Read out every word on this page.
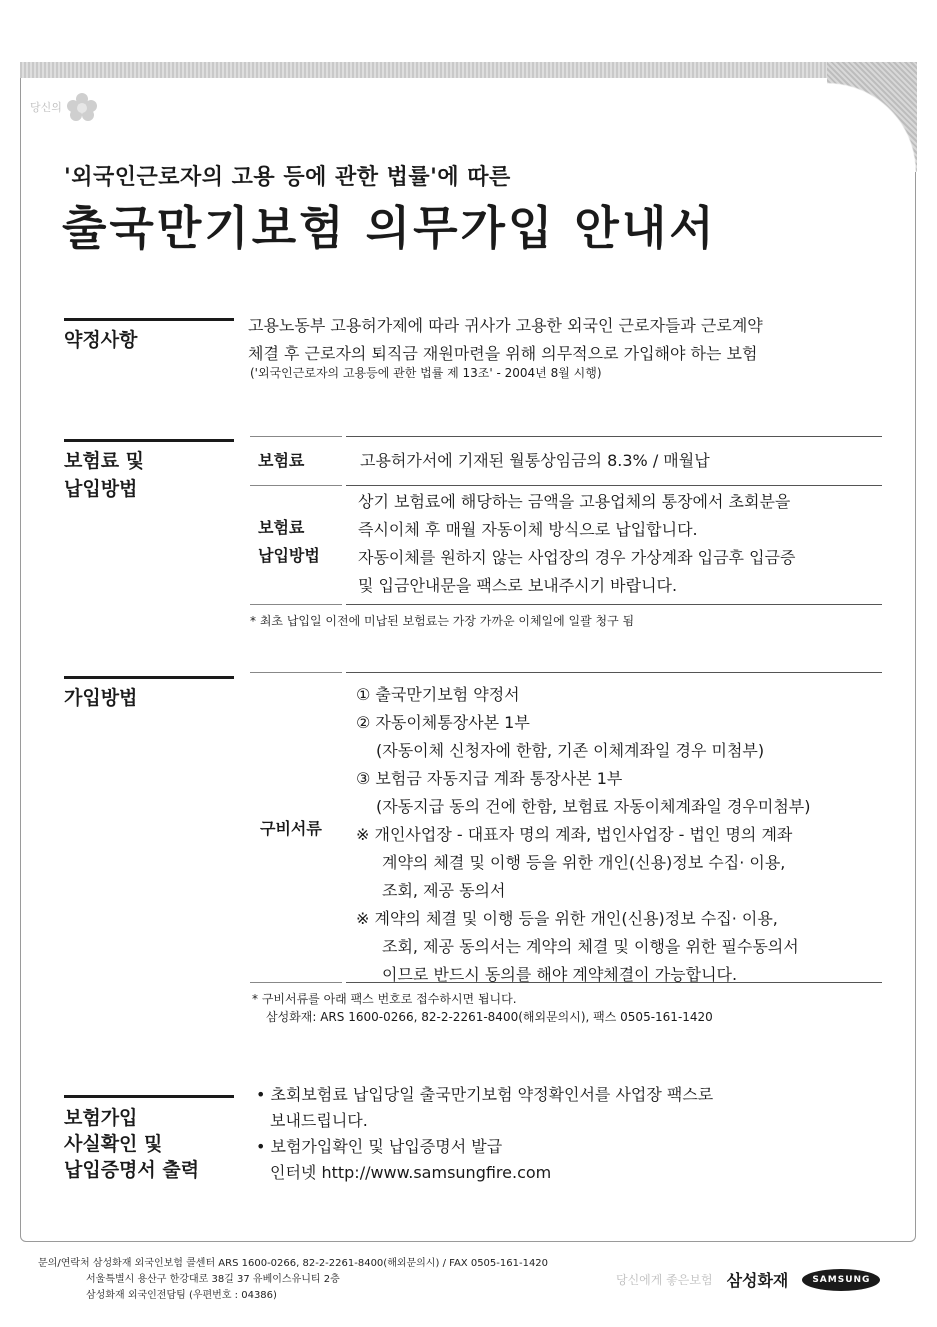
당신의
'외국인근로자의 고용 등에 관한 법률'에 따른
출국만기보험 의무가입 안내서
약정사항
고용노동부 고용허가제에 따라 귀사가 고용한 외국인 근로자들과 근로계약
체결 후 근로자의 퇴직금 재원마련을 위해 의무적으로 가입해야 하는 보험
('외국인근로자의 고용등에 관한 법률 제 13조' - 2004년 8월 시행)
보험료 및
납입방법
보험료	고용허가서에 기재된 월통상임금의 8.3% / 매월납
보험료
납입방법
상기 보험료에 해당하는 금액을 고용업체의 통장에서 초회분을
즉시이체 후 매월 자동이체 방식으로 납입합니다.
자동이체를 원하지 않는 사업장의 경우 가상계좌 입금후 입금증
및 입금안내문을 팩스로 보내주시기 바랍니다.
* 최초 납입일 이전에 미납된 보험료는 가장 가까운 이체일에 일괄 청구 됨
가입방법
구비서류
① 출국만기보험 약정서
② 자동이체통장사본 1부
(자동이체 신청자에 한함, 기존 이체계좌일 경우 미첨부)
③ 보험금 자동지급 계좌 통장사본 1부
(자동지급 동의 건에 한함, 보험료 자동이체계좌일 경우미첨부)
※ 개인사업장 - 대표자 명의 계좌, 법인사업장 - 법인 명의 계좌
계약의 체결 및 이행 등을 위한 개인(신용)정보 수집· 이용,
조회, 제공 동의서
※ 계약의 체결 및 이행 등을 위한 개인(신용)정보 수집· 이용,
조회, 제공 동의서는 계약의 체결 및 이행을 위한 필수동의서
이므로 반드시 동의를 해야 계약체결이 가능합니다.
* 구비서류를 아래 팩스 번호로 접수하시면 됩니다.
삼성화재: ARS 1600-0266, 82-2-2261-8400(해외문의시), 팩스 0505-161-1420
보험가입
사실확인 및
납입증명서 출력
• 초회보험료 납입당일 출국만기보험 약정확인서를 사업장 팩스로
보내드립니다.
• 보험가입확인 및 납입증명서 발급
인터넷 http://www.samsungfire.com
문의/연락처 삼성화재 외국인보험 콜센터 ARS 1600-0266, 82-2-2261-8400(해외문의시) / FAX 0505-161-1420
서울특별시 용산구 한강대로 38길 37 유베이스유니티 2층
삼성화재 외국인전담팀 (우편번호 : 04386)
당신에게 좋은보험 삼성화재	SAMSUNG
